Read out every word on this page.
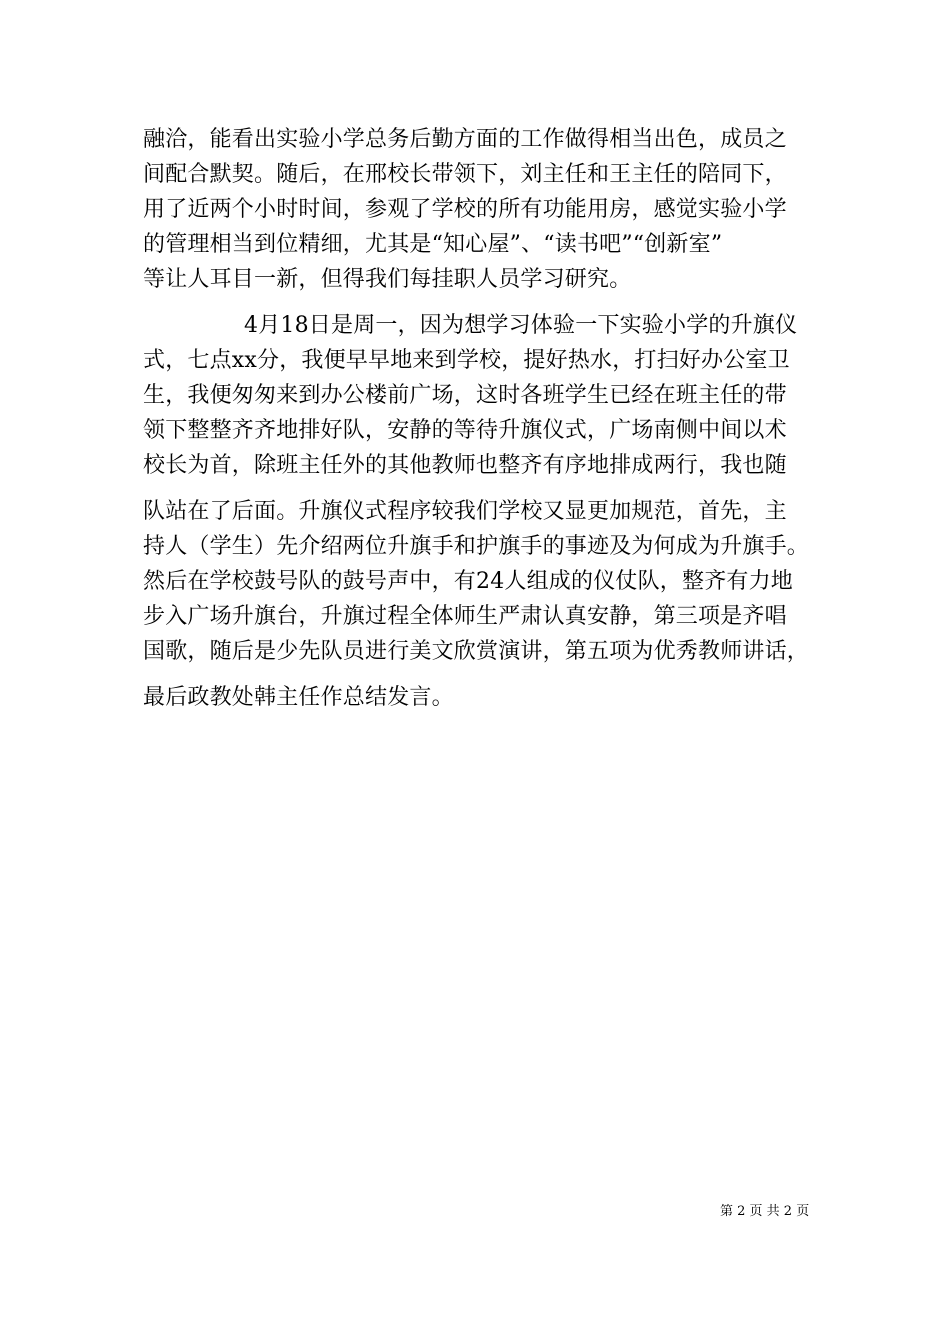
融洽，能看出实验小学总务后勤方面的工作做得相当出色，成员之
间配合默契。随后，在邢校长带领下，刘主任和王主任的陪同下，
用了近两个小时时间，参观了学校的所有功能用房，感觉实验小学
的管理相当到位精细，尤其是“知心屋”、“读书吧”“创新室”
等让人耳目一新，但得我们每挂职人员学习研究。
4月18日是周一，因为想学习体验一下实验小学的升旗仪
式，七点xx分，我便早早地来到学校，提好热水，打扫好办公室卫
生，我便匆匆来到办公楼前广场，这时各班学生已经在班主任的带
领下整整齐齐地排好队，安静的等待升旗仪式，广场南侧中间以术
校长为首，除班主任外的其他教师也整齐有序地排成两行，我也随
队站在了后面。升旗仪式程序较我们学校又显更加规范，首先，主
持人（学生）先介绍两位升旗手和护旗手的事迹及为何成为升旗手。
然后在学校鼓号队的鼓号声中，有24人组成的仪仗队，整齐有力地
步入广场升旗台，升旗过程全体师生严肃认真安静，第三项是齐唱
国歌，随后是少先队员进行美文欣赏演讲，第五项为优秀教师讲话，
最后政教处韩主任作总结发言。
第 2 页 共 2 页
